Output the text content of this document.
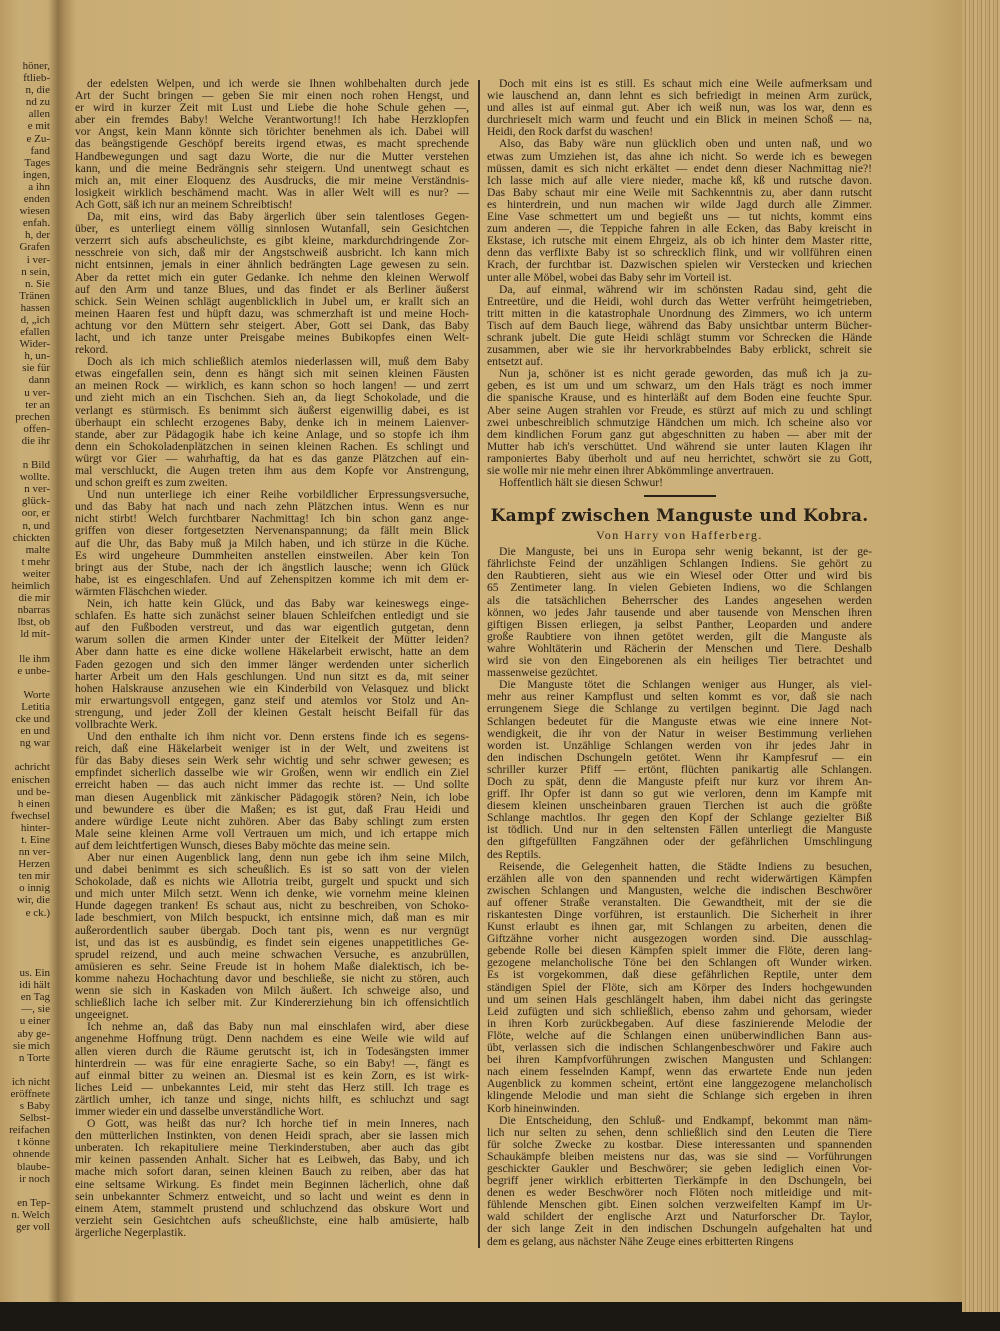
höner,
ftlieb-
n, die
nd zu
allen
e mit
e Zu-
fand
Tages
ingen,
a ihn
enden
wiesen
enfah.
h, der
Grafen
i ver-
n sein,
n. Sie
Tränen
hassen
d, „ich
efallen
Wider-
h, un-
sie für
dann
u ver-
ter an
prechen
offen-
die ihr
n Bild
wollte.
n ver-
glück-
oor, er
n, und
chickten
malte
t mehr
weiter
heimlich
die mir
nbarras
lbst, ob
ld mit-
lle ihm
e unbe-
Worte
Letitia
cke und
en und
ng war
achricht
enischen
und be-
h einen
fwechsel
hinter-
t. Eine
nn ver-
Herzen
ten mir
o innig
wir, die
e ck.)
us. Ein
idi hält
en Tag
—, sie
u einer
aby ge-
sie mich
n Torte
ich nicht
eröffnete
s Baby
Selbst-
reifachen
t könne
ohnende
blaube-
ir noch
en Tep-
n. Welch
ger voll
der edelsten Welpen, und ich werde sie Ihnen wohlbehalten durch jede
Art der Sucht bringen — geben Sie mir einen noch rohen Hengst, und
er wird in kurzer Zeit mit Lust und Liebe die hohe Schule gehen —,
aber ein fremdes Baby! Welche Verantwortung!! Ich habe Herzklopfen
vor Angst, kein Mann könnte sich törichter benehmen als ich. Dabei will
das beängstigende Geschöpf bereits irgend etwas, es macht sprechende
Handbewegungen und sagt dazu Worte, die nur die Mutter verstehen
kann, und die meine Bedrängnis sehr steigern. Und unentwegt schaut es
mich an, mit einer Eloquenz des Ausdrucks, die mir meine Verständnis-
losigkeit wirklich beschämend macht. Was in aller Welt will es nur? —
Ach Gott, säß ich nur an meinem Schreibtisch!
Da, mit eins, wird das Baby ärgerlich über sein talentloses Gegen-
über, es unterliegt einem völlig sinnlosen Wutanfall, sein Gesichtchen
verzerrt sich aufs abscheulichste, es gibt kleine, markdurchdringende Zor-
nesschreie von sich, daß mir der Angstschweiß ausbricht. Ich kann mich
nicht entsinnen, jemals in einer ähnlich bedrängten Lage gewesen zu sein.
Aber da rettet mich ein guter Gedanke. Ich nehme den kleinen Werwolf
auf den Arm und tanze Blues, und das findet er als Berliner äußerst
schick. Sein Weinen schlägt augenblicklich in Jubel um, er krallt sich an
meinen Haaren fest und hüpft dazu, was schmerzhaft ist und meine Hoch-
achtung vor den Müttern sehr steigert. Aber, Gott sei Dank, das Baby
lacht, und ich tanze unter Preisgabe meines Bubikopfes einen Welt-
rekord.
Doch als ich mich schließlich atemlos niederlassen will, muß dem Baby
etwas eingefallen sein, denn es hängt sich mit seinen kleinen Fäusten
an meinen Rock — wirklich, es kann schon so hoch langen! — und zerrt
und zieht mich an ein Tischchen. Sieh an, da liegt Schokolade, und die
verlangt es stürmisch. Es benimmt sich äußerst eigenwillig dabei, es ist
überhaupt ein schlecht erzogenes Baby, denke ich in meinem Laienver-
stande, aber zur Pädagogik habe ich keine Anlage, und so stopfe ich ihm
denn ein Schokoladenplätzchen in seinen kleinen Rachen. Es schlingt und
würgt vor Gier — wahrhaftig, da hat es das ganze Plätzchen auf ein-
mal verschluckt, die Augen treten ihm aus dem Kopfe vor Anstrengung,
und schon greift es zum zweiten.
Und nun unterliege ich einer Reihe vorbildlicher Erpressungsversuche,
und das Baby hat nach und nach zehn Plätzchen intus. Wenn es nur
nicht stirbt! Welch furchtbarer Nachmittag! Ich bin schon ganz ange-
griffen von dieser fortgesetzten Nervenanspannung; da fällt mein Blick
auf die Uhr, das Baby muß ja Milch haben, und ich stürze in die Küche.
Es wird ungeheure Dummheiten anstellen einstweilen. Aber kein Ton
bringt aus der Stube, nach der ich ängstlich lausche; wenn ich Glück
habe, ist es eingeschlafen. Und auf Zehenspitzen komme ich mit dem er-
wärmten Fläschchen wieder.
Nein, ich hatte kein Glück, und das Baby war keineswegs einge-
schlafen. Es hatte sich zunächst seiner blauen Schleifchen entledigt und sie
auf den Fußboden verstreut, und das war eigentlich gutgetan, denn
warum sollen die armen Kinder unter der Eitelkeit der Mütter leiden?
Aber dann hatte es eine dicke wollene Häkelarbeit erwischt, hatte an dem
Faden gezogen und sich den immer länger werdenden unter sicherlich
harter Arbeit um den Hals geschlungen. Und nun sitzt es da, mit seiner
hohen Halskrause anzusehen wie ein Kinderbild von Velasquez und blickt
mir erwartungsvoll entgegen, ganz steif und atemlos vor Stolz und An-
strengung, und jeder Zoll der kleinen Gestalt heischt Beifall für das
vollbrachte Werk.
Und den enthalte ich ihm nicht vor. Denn erstens finde ich es segens-
reich, daß eine Häkelarbeit weniger ist in der Welt, und zweitens ist
für das Baby dieses sein Werk sehr wichtig und sehr schwer gewesen; es
empfindet sicherlich dasselbe wie wir Großen, wenn wir endlich ein Ziel
erreicht haben — das auch nicht immer das rechte ist. — Und sollte
man diesen Augenblick mit zänkischer Pädagogik stören? Nein, ich lobe
und bewundere es über die Maßen; es ist gut, daß Frau Heidi und
andere würdige Leute nicht zuhören. Aber das Baby schlingt zum ersten
Male seine kleinen Arme voll Vertrauen um mich, und ich ertappe mich
auf dem leichtfertigen Wunsch, dieses Baby möchte das meine sein.
Aber nur einen Augenblick lang, denn nun gebe ich ihm seine Milch,
und dabei benimmt es sich scheußlich. Es ist so satt von der vielen
Schokolade, daß es nichts wie Allotria treibt, gurgelt und spuckt und sich
und mich unter Milch setzt. Wenn ich denke, wie vornehm meine kleinen
Hunde dagegen tranken! Es schaut aus, nicht zu beschreiben, von Schoko-
lade beschmiert, von Milch bespuckt, ich entsinne mich, daß man es mir
außerordentlich sauber übergab. Doch tant pis, wenn es nur vergnügt
ist, und das ist es ausbündig, es findet sein eigenes unappetitliches Ge-
sprudel reizend, und auch meine schwachen Versuche, es anzubrüllen,
amüsieren es sehr. Seine Freude ist in hohem Maße dialektisch, ich be-
komme nahezu Hochachtung davor und beschließe, sie nicht zu stören, auch
wenn sie sich in Kaskaden von Milch äußert. Ich schweige also, und
schließlich lache ich selber mit. Zur Kindererziehung bin ich offensichtlich
ungeeignet.
Ich nehme an, daß das Baby nun mal einschlafen wird, aber diese
angenehme Hoffnung trügt. Denn nachdem es eine Weile wie wild auf
allen vieren durch die Räume gerutscht ist, ich in Todesängsten immer
hinterdrein — was für eine enragierte Sache, so ein Baby! —, fängt es
auf einmal bitter zu weinen an. Diesmal ist es kein Zorn, es ist wirk-
liches Leid — unbekanntes Leid, mir steht das Herz still. Ich trage es
zärtlich umher, ich tanze und singe, nichts hilft, es schluchzt und sagt
immer wieder ein und dasselbe unverständliche Wort.
O Gott, was heißt das nur? Ich horche tief in mein Inneres, nach
den mütterlichen Instinkten, von denen Heidi sprach, aber sie lassen mich
unberaten. Ich rekapituliere meine Tierkinderstuben, aber auch das gibt
mir keinen passenden Anhalt. Sicher hat es Leibweh, das Baby, und ich
mache mich sofort daran, seinen kleinen Bauch zu reiben, aber das hat
eine seltsame Wirkung. Es findet mein Beginnen lächerlich, ohne daß
sein unbekannter Schmerz entweicht, und so lacht und weint es denn in
einem Atem, stammelt prustend und schluchzend das obskure Wort und
verzieht sein Gesichtchen aufs scheußlichste, eine halb amüsierte, halb
ärgerliche Negerplastik.
Doch mit eins ist es still. Es schaut mich eine Weile aufmerksam und
wie lauschend an, dann lehnt es sich befriedigt in meinen Arm zurück,
und alles ist auf einmal gut. Aber ich weiß nun, was los war, denn es
durchrieselt mich warm und feucht und ein Blick in meinen Schoß — na,
Heidi, den Rock darfst du waschen!
Also, das Baby wäre nun glücklich oben und unten naß, und wo
etwas zum Umziehen ist, das ahne ich nicht. So werde ich es bewegen
müssen, damit es sich nicht erkältet — endet denn dieser Nachmittag nie?!
Ich lasse mich auf alle viere nieder, mache kß, kß und rutsche davon.
Das Baby schaut mir eine Weile mit Sachkenntnis zu, aber dann rutscht
es hinterdrein, und nun machen wir wilde Jagd durch alle Zimmer.
Eine Vase schmettert um und begießt uns — tut nichts, kommt eins
zum anderen —, die Teppiche fahren in alle Ecken, das Baby kreischt in
Ekstase, ich rutsche mit einem Ehrgeiz, als ob ich hinter dem Master ritte,
denn das verflixte Baby ist so schrecklich flink, und wir vollführen einen
Krach, der furchtbar ist. Dazwischen spielen wir Verstecken und kriechen
unter alle Möbel, wobei das Baby sehr im Vorteil ist.
Da, auf einmal, während wir im schönsten Radau sind, geht die
Entreetüre, und die Heidi, wohl durch das Wetter verfrüht heimgetrieben,
tritt mitten in die katastrophale Unordnung des Zimmers, wo ich unterm
Tisch auf dem Bauch liege, während das Baby unsichtbar unterm Bücher-
schrank jubelt. Die gute Heidi schlägt stumm vor Schrecken die Hände
zusammen, aber wie sie ihr hervorkrabbelndes Baby erblickt, schreit sie
entsetzt auf.
Nun ja, schöner ist es nicht gerade geworden, das muß ich ja zu-
geben, es ist um und um schwarz, um den Hals trägt es noch immer
die spanische Krause, und es hinterläßt auf dem Boden eine feuchte Spur.
Aber seine Augen strahlen vor Freude, es stürzt auf mich zu und schlingt
zwei unbeschreiblich schmutzige Händchen um mich. Ich scheine also vor
dem kindlichen Forum ganz gut abgeschnitten zu haben — aber mit der
Mutter hab ich's verschüttet. Und während sie unter lauten Klagen ihr
ramponiertes Baby überholt und auf neu herrichtet, schwört sie zu Gott,
sie wolle mir nie mehr einen ihrer Abkömmlinge anvertrauen.
Hoffentlich hält sie diesen Schwur!
Kampf zwischen Manguste und Kobra.
Von Harry von Hafferberg.
Die Manguste, bei uns in Europa sehr wenig bekannt, ist der ge-
fährlichste Feind der unzähligen Schlangen Indiens. Sie gehört zu
den Raubtieren, sieht aus wie ein Wiesel oder Otter und wird bis
65 Zentimeter lang. In vielen Gebieten Indiens, wo die Schlangen
als die tatsächlichen Beherrscher des Landes angesehen werden
können, wo jedes Jahr tausende und aber tausende von Menschen ihren
giftigen Bissen erliegen, ja selbst Panther, Leoparden und andere
große Raubtiere von ihnen getötet werden, gilt die Manguste als
wahre Wohltäterin und Rächerin der Menschen und Tiere. Deshalb
wird sie von den Eingeborenen als ein heiliges Tier betrachtet und
massenweise gezüchtet.
Die Manguste tötet die Schlangen weniger aus Hunger, als viel-
mehr aus reiner Kampflust und selten kommt es vor, daß sie nach
errungenem Siege die Schlange zu vertilgen beginnt. Die Jagd nach
Schlangen bedeutet für die Manguste etwas wie eine innere Not-
wendigkeit, die ihr von der Natur in weiser Bestimmung verliehen
worden ist. Unzählige Schlangen werden von ihr jedes Jahr in
den indischen Dschungeln getötet. Wenn ihr Kampfesruf — ein
schriller kurzer Pfiff — ertönt, flüchten panikartig alle Schlangen.
Doch zu spät, denn die Manguste pfeift nur kurz vor ihrem An-
griff. Ihr Opfer ist dann so gut wie verloren, denn im Kampfe mit
diesem kleinen unscheinbaren grauen Tierchen ist auch die größte
Schlange machtlos. Ihr gegen den Kopf der Schlange gezielter Biß
ist tödlich. Und nur in den seltensten Fällen unterliegt die Manguste
den giftgefüllten Fangzähnen oder der gefährlichen Umschlingung
des Reptils.
Reisende, die Gelegenheit hatten, die Städte Indiens zu besuchen,
erzählen alle von den spannenden und recht widerwärtigen Kämpfen
zwischen Schlangen und Mangusten, welche die indischen Beschwörer
auf offener Straße veranstalten. Die Gewandtheit, mit der sie die
riskantesten Dinge vorführen, ist erstaunlich. Die Sicherheit in ihrer
Kunst erlaubt es ihnen gar, mit Schlangen zu arbeiten, denen die
Giftzähne vorher nicht ausgezogen worden sind. Die ausschlag-
gebende Rolle bei diesen Kämpfen spielt immer die Flöte, deren lang-
gezogene melancholische Töne bei den Schlangen oft Wunder wirken.
Es ist vorgekommen, daß diese gefährlichen Reptile, unter dem
ständigen Spiel der Flöte, sich am Körper des Inders hochgewunden
und um seinen Hals geschlängelt haben, ihm dabei nicht das geringste
Leid zufügten und sich schließlich, ebenso zahm und gehorsam, wieder
in ihren Korb zurückbegaben. Auf diese faszinierende Melodie der
Flöte, welche auf die Schlangen einen unüberwindlichen Bann aus-
übt, verlassen sich die indischen Schlangenbeschwörer und Fakire auch
bei ihren Kampfvorführungen zwischen Mangusten und Schlangen:
nach einem fesselnden Kampf, wenn das erwartete Ende nun jeden
Augenblick zu kommen scheint, ertönt eine langgezogene melancholisch
klingende Melodie und man sieht die Schlange sich ergeben in ihren
Korb hineinwinden.
Die Entscheidung, den Schluß- und Endkampf, bekommt man näm-
lich nur selten zu sehen, denn schließlich sind den Leuten die Tiere
für solche Zwecke zu kostbar. Diese interessanten und spannenden
Schaukämpfe bleiben meistens nur das, was sie sind — Vorführungen
geschickter Gaukler und Beschwörer; sie geben lediglich einen Vor-
begriff jener wirklich erbitterten Tierkämpfe in den Dschungeln, bei
denen es weder Beschwörer noch Flöten noch mitleidige und mit-
fühlende Menschen gibt. Einen solchen verzweifelten Kampf im Ur-
wald schildert der englische Arzt und Naturforscher Dr. Taylor,
der sich lange Zeit in den indischen Dschungeln aufgehalten hat und
dem es gelang, aus nächster Nähe Zeuge eines erbitterten Ringens
